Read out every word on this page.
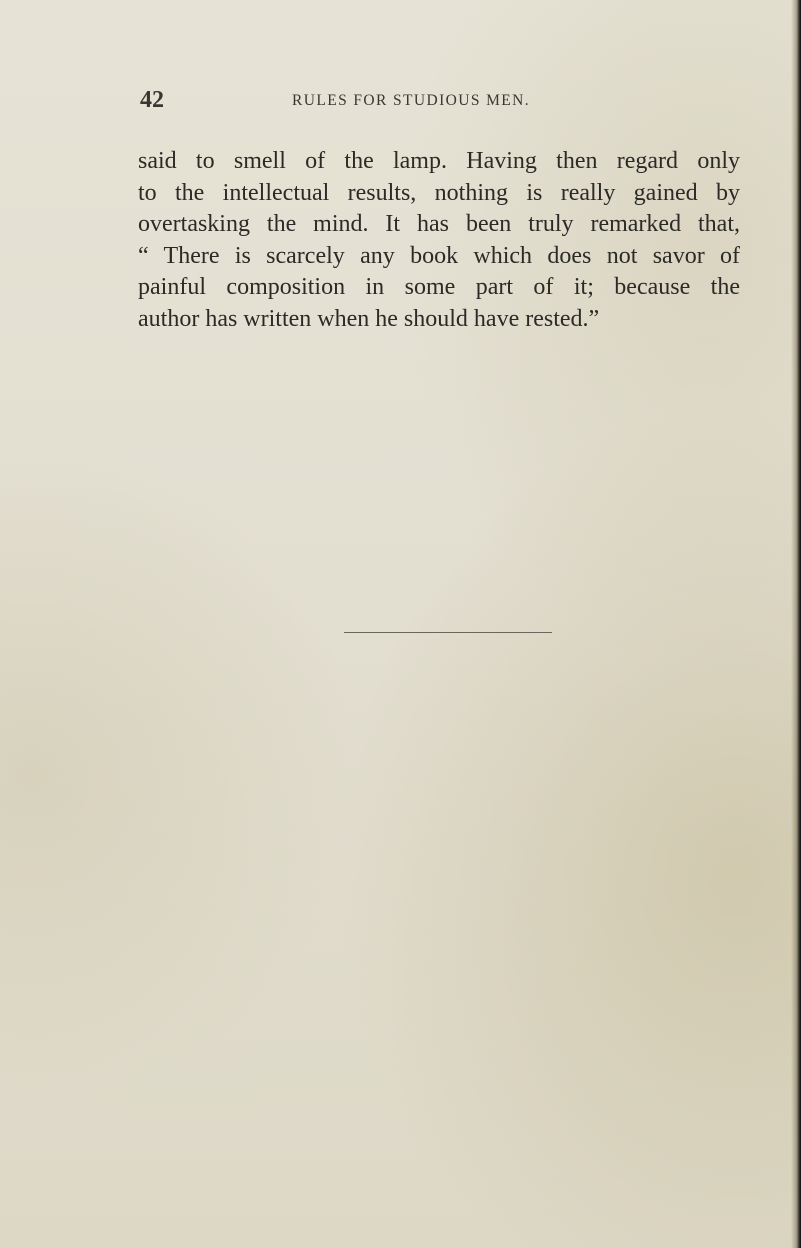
42	RULES FOR STUDIOUS MEN.
said to smell of the lamp. Having then regard only
to the intellectual results, nothing is really gained by
overtasking the mind. It has been truly remarked that,
“ There is scarcely any book which does not savor of
painful composition in some part of it; because the
author has written when he should have rested.”
